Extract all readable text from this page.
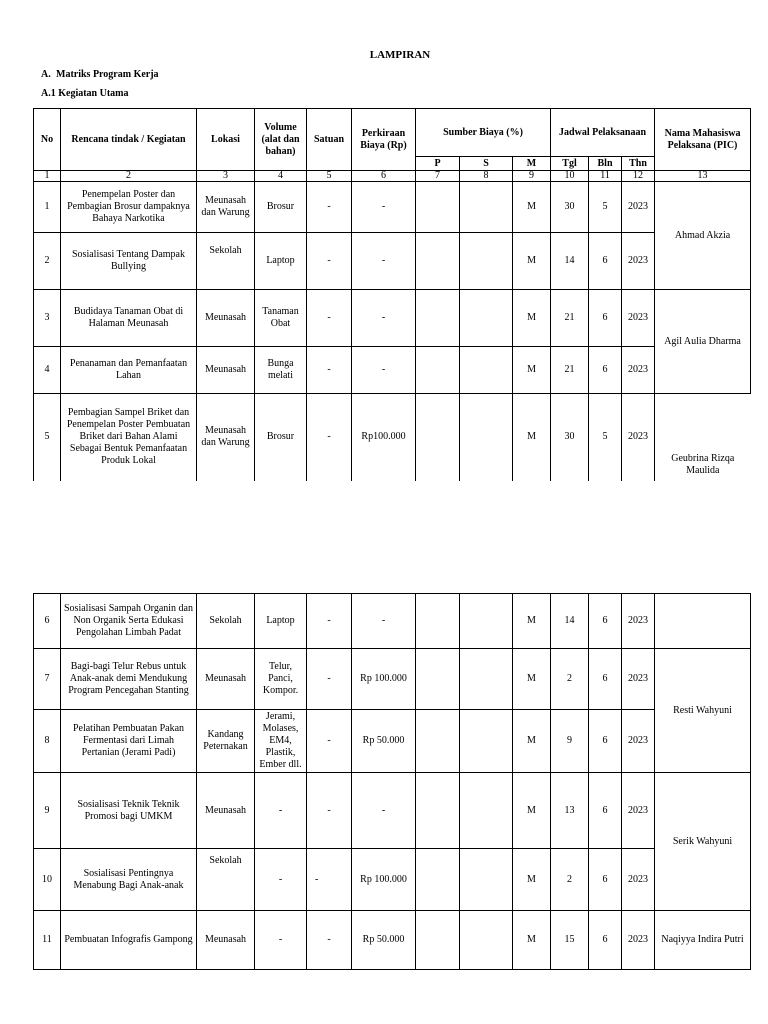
LAMPIRAN
A. Matriks Program Kerja
A.1 Kegiatan Utama
No	Rencana tindak / Kegiatan	Lokasi	Volume (alat dan bahan)	Satuan	Perkiraan Biaya (Rp)	Sumber Biaya (%)			Jadwal Pelaksanaan			Nama Mahasiswa Pelaksana (PIC)
						P	S	M	Tgl	Bln	Thn	
1	2	3	4	5	6	7	8	9	10	11	12	13
1	Penempelan Poster dan Pembagian Brosur dampaknya Bahaya Narkotika	Meunasah dan Warung	Brosur	-	-			M	30	5	2023	Ahmad Akzia
2	Sosialisasi Tentang Dampak Bullying	Sekolah	Laptop	-	-			M	14	6	2023	
3	Budidaya Tanaman Obat di Halaman Meunasah	Meunasah	Tanaman Obat	-	-			M	21	6	2023	Agil Aulia Dharma
4	Penanaman dan Pemanfaatan Lahan	Meunasah	Bunga melati	-	-			M	21	6	2023	
5	Pembagian Sampel Briket dan Penempelan Poster Pembuatan Briket dari Bahan Alami Sebagai Bentuk Pemanfaatan Produk Lokal	Meunasah dan Warung	Brosur	-	Rp100.000			M	30	5	2023	Geubrina Rizqa Maulida
6	Sosialisasi Sampah Organin dan Non Organik Serta Edukasi Pengolahan Limbah Padat	Sekolah	Laptop	-	-			M	14	6	2023	
7	Bagi-bagi Telur Rebus untuk Anak-anak demi Mendukung Program Pencegahan Stanting	Meunasah	Telur, Panci, Kompor.	-	Rp 100.000			M	2	6	2023	Resti Wahyuni
8	Pelatihan Pembuatan Pakan Fermentasi dari Limah Pertanian (Jerami Padi)	Kandang Peternakan	Jerami, Molases, EM4, Plastik, Ember dll.	-	Rp 50.000			M	9	6	2023	
9	Sosialisasi Teknik Teknik Promosi bagi UMKM	Meunasah	-	-	-			M	13	6	2023	Serik Wahyuni
10	Sosialisasi Pentingnya Menabung Bagi Anak-anak	Sekolah	-	-	Rp 100.000			M	2	6	2023	
11	Pembuatan Infografis Gampong	Meunasah	-	-	Rp 50.000			M	15	6	2023	Naqiyya Indira Putri
